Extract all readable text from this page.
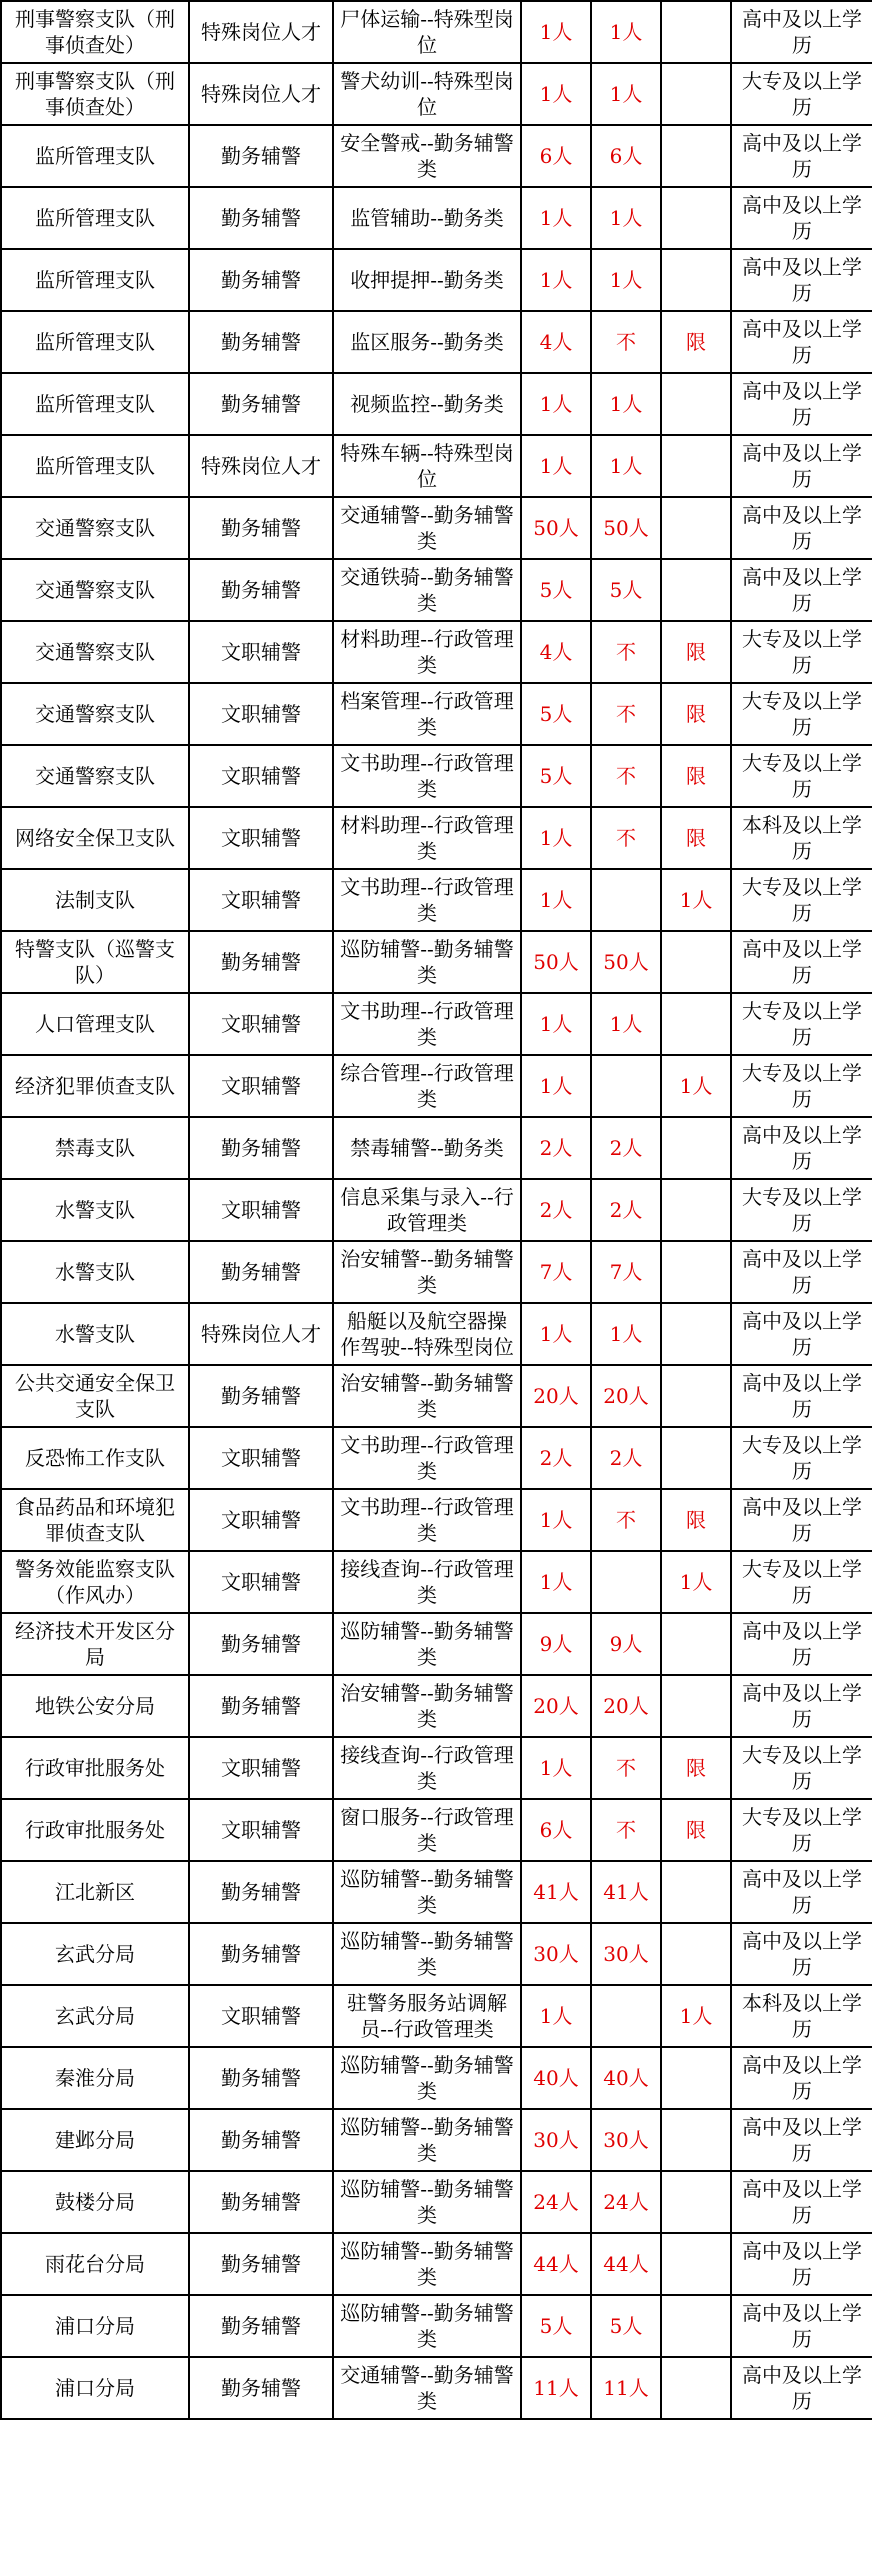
刑事警察支队（刑事侦查处）	特殊岗位人才	尸体运输--特殊型岗位	1人	1人		高中及以上学历
刑事警察支队（刑事侦查处）	特殊岗位人才	警犬幼训--特殊型岗位	1人	1人		大专及以上学历
监所管理支队	勤务辅警	安全警戒--勤务辅警类	6人	6人		高中及以上学历
监所管理支队	勤务辅警	监管辅助--勤务类	1人	1人		高中及以上学历
监所管理支队	勤务辅警	收押提押--勤务类	1人	1人		高中及以上学历
监所管理支队	勤务辅警	监区服务--勤务类	4人	不	限	高中及以上学历
监所管理支队	勤务辅警	视频监控--勤务类	1人	1人		高中及以上学历
监所管理支队	特殊岗位人才	特殊车辆--特殊型岗位	1人	1人		高中及以上学历
交通警察支队	勤务辅警	交通辅警--勤务辅警类	50人	50人		高中及以上学历
交通警察支队	勤务辅警	交通铁骑--勤务辅警类	5人	5人		高中及以上学历
交通警察支队	文职辅警	材料助理--行政管理类	4人	不	限	大专及以上学历
交通警察支队	文职辅警	档案管理--行政管理类	5人	不	限	大专及以上学历
交通警察支队	文职辅警	文书助理--行政管理类	5人	不	限	大专及以上学历
网络安全保卫支队	文职辅警	材料助理--行政管理类	1人	不	限	本科及以上学历
法制支队	文职辅警	文书助理--行政管理类	1人		1人	大专及以上学历
特警支队（巡警支队）	勤务辅警	巡防辅警--勤务辅警类	50人	50人		高中及以上学历
人口管理支队	文职辅警	文书助理--行政管理类	1人	1人		大专及以上学历
经济犯罪侦查支队	文职辅警	综合管理--行政管理类	1人		1人	大专及以上学历
禁毒支队	勤务辅警	禁毒辅警--勤务类	2人	2人		高中及以上学历
水警支队	文职辅警	信息采集与录入--行政管理类	2人	2人		大专及以上学历
水警支队	勤务辅警	治安辅警--勤务辅警类	7人	7人		高中及以上学历
水警支队	特殊岗位人才	船艇以及航空器操作驾驶--特殊型岗位	1人	1人		高中及以上学历
公共交通安全保卫支队	勤务辅警	治安辅警--勤务辅警类	20人	20人		高中及以上学历
反恐怖工作支队	文职辅警	文书助理--行政管理类	2人	2人		大专及以上学历
食品药品和环境犯罪侦查支队	文职辅警	文书助理--行政管理类	1人	不	限	高中及以上学历
警务效能监察支队（作风办）	文职辅警	接线查询--行政管理类	1人		1人	大专及以上学历
经济技术开发区分局	勤务辅警	巡防辅警--勤务辅警类	9人	9人		高中及以上学历
地铁公安分局	勤务辅警	治安辅警--勤务辅警类	20人	20人		高中及以上学历
行政审批服务处	文职辅警	接线查询--行政管理类	1人	不	限	大专及以上学历
行政审批服务处	文职辅警	窗口服务--行政管理类	6人	不	限	大专及以上学历
江北新区	勤务辅警	巡防辅警--勤务辅警类	41人	41人		高中及以上学历
玄武分局	勤务辅警	巡防辅警--勤务辅警类	30人	30人		高中及以上学历
玄武分局	文职辅警	驻警务服务站调解员--行政管理类	1人		1人	本科及以上学历
秦淮分局	勤务辅警	巡防辅警--勤务辅警类	40人	40人		高中及以上学历
建邺分局	勤务辅警	巡防辅警--勤务辅警类	30人	30人		高中及以上学历
鼓楼分局	勤务辅警	巡防辅警--勤务辅警类	24人	24人		高中及以上学历
雨花台分局	勤务辅警	巡防辅警--勤务辅警类	44人	44人		高中及以上学历
浦口分局	勤务辅警	巡防辅警--勤务辅警类	5人	5人		高中及以上学历
浦口分局	勤务辅警	交通辅警--勤务辅警类	11人	11人		高中及以上学历
